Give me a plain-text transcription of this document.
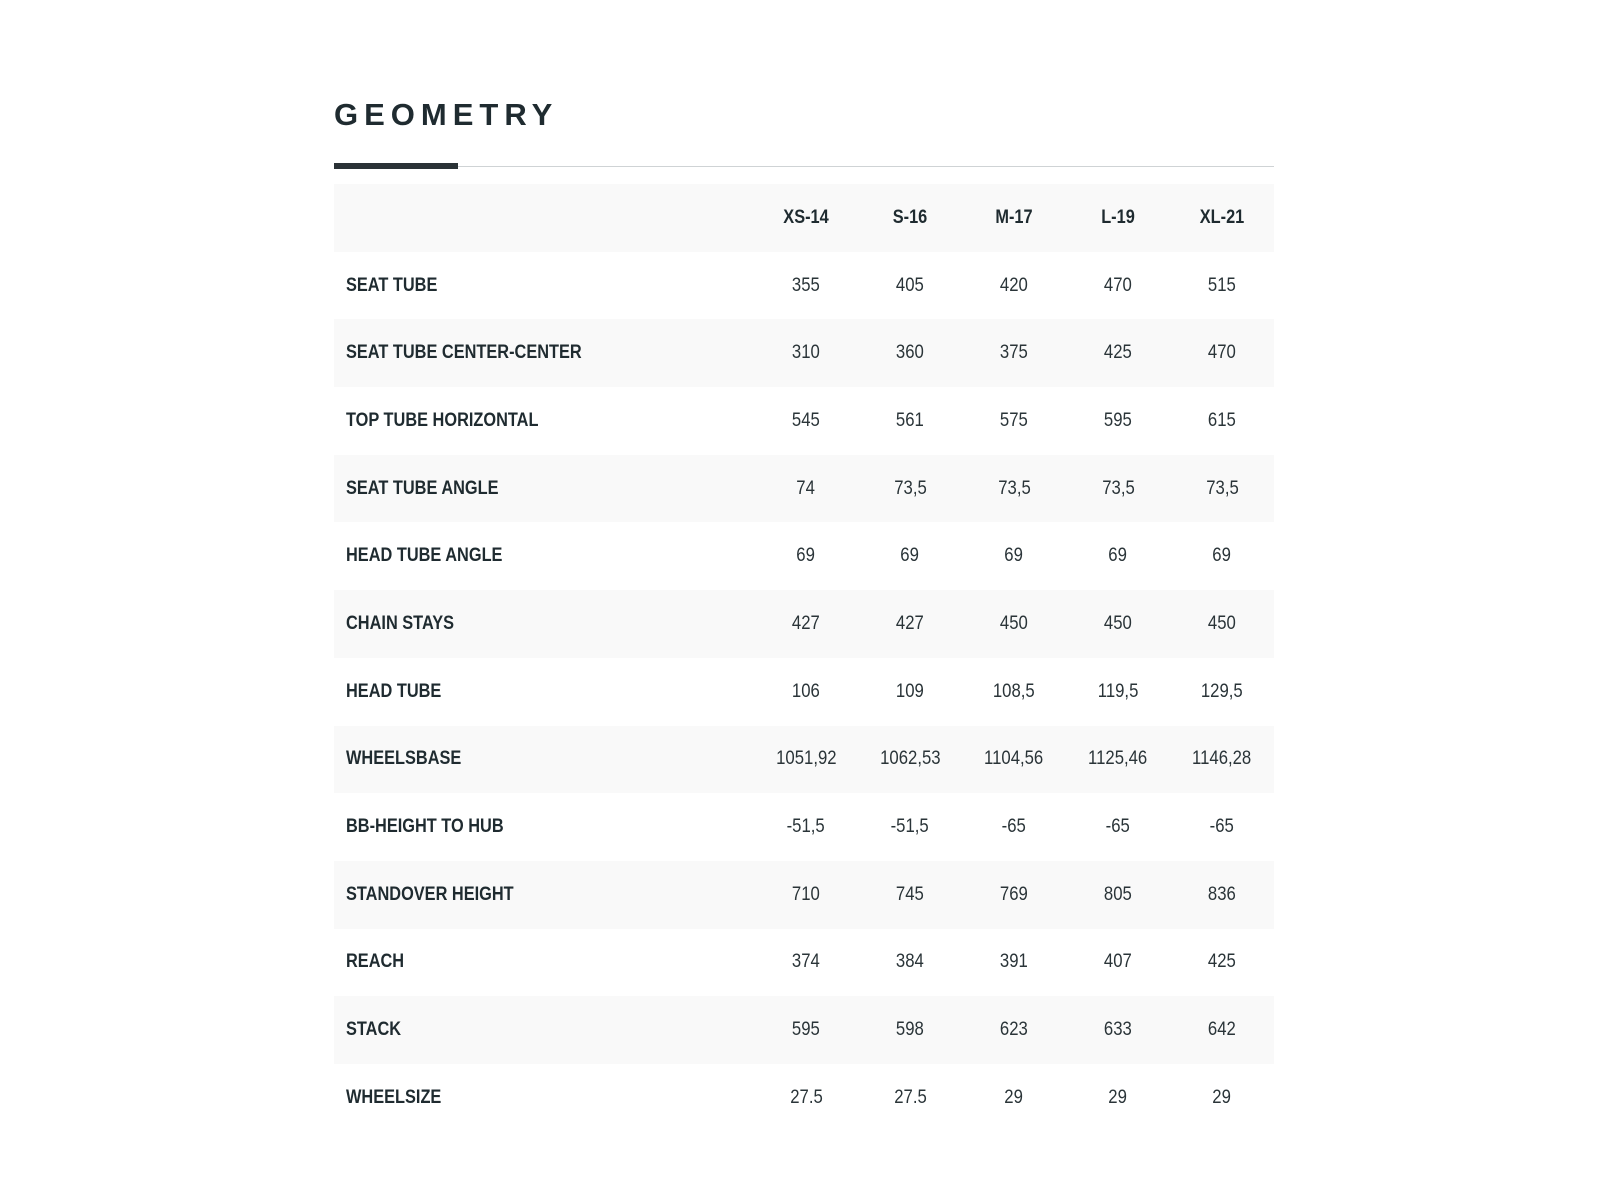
GEOMETRY
	XS-14	S-16	M-17	L-19	XL-21
SEAT TUBE	355	405	420	470	515
SEAT TUBE CENTER-CENTER	310	360	375	425	470
TOP TUBE HORIZONTAL	545	561	575	595	615
SEAT TUBE ANGLE	74	73,5	73,5	73,5	73,5
HEAD TUBE ANGLE	69	69	69	69	69
CHAIN STAYS	427	427	450	450	450
HEAD TUBE	106	109	108,5	119,5	129,5
WHEELSBASE	1051,92	1062,53	1104,56	1125,46	1146,28
BB-HEIGHT TO HUB	-51,5	-51,5	-65	-65	-65
STANDOVER HEIGHT	710	745	769	805	836
REACH	374	384	391	407	425
STACK	595	598	623	633	642
WHEELSIZE	27.5	27.5	29	29	29
